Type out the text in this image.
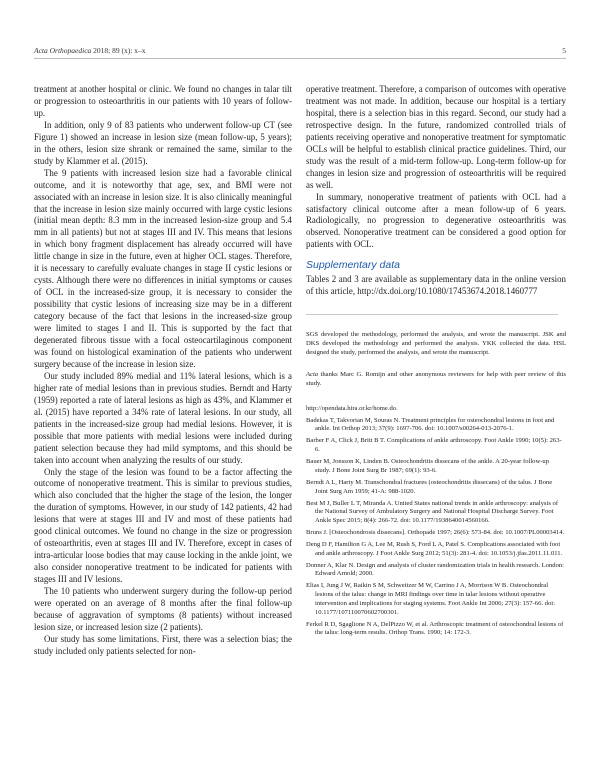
Acta Orthopaedica 2018; 89 (x): x–x	5

treatment at another hospital or clinic. We found no changes in talar tilt or progression to osteoarthritis in our patients with 10 years of follow-up.

In addition, only 9 of 83 patients who underwent follow-up CT (see Figure 1) showed an increase in lesion size (mean follow-up, 5 years); in the others, lesion size shrank or remained the same, similar to the study by Klammer et al. (2015).

The 9 patients with increased lesion size had a favorable clinical outcome, and it is noteworthy that age, sex, and BMI were not associated with an increase in lesion size. It is also clinically meaningful that the increase in lesion size mainly occurred with large cystic lesions (initial mean depth: 8.3 mm in the increased lesion-size group and 5.4 mm in all patients) but not at stages III and IV. This means that lesions in which bony fragment displacement has already occurred will have little change in size in the future, even at higher OCL stages. Therefore, it is necessary to carefully evaluate changes in stage II cystic lesions or cysts. Although there were no differences in initial symptoms or causes of OCL in the increased-size group, it is necessary to consider the possibility that cystic lesions of increasing size may be in a different category because of the fact that lesions in the increased-size group were limited to stages I and II. This is supported by the fact that degenerated fibrous tissue with a focal osteocartilaginous component was found on histological examination of the patients who underwent surgery because of the increase in lesion size.

Our study included 89% medial and 11% lateral lesions, which is a higher rate of medial lesions than in previous studies. Berndt and Harty (1959) reported a rate of lateral lesions as high as 43%, and Klammer et al. (2015) have reported a 34% rate of lateral lesions. In our study, all patients in the increased-size group had medial lesions. However, it is possible that more patients with medial lesions were included during patient selection because they had mild symptoms, and this should be taken into account when analyzing the results of our study.

Only the stage of the lesion was found to be a factor affecting the outcome of nonoperative treatment. This is similar to previous studies, which also concluded that the higher the stage of the lesion, the longer the duration of symptoms. However, in our study of 142 patients, 42 had lesions that were at stages III and IV and most of these patients had good clinical outcomes. We found no change in the size or progression of osteoarthritis, even at stages III and IV. Therefore, except in cases of intra-articular loose bodies that may cause locking in the ankle joint, we also consider nonoperative treatment to be indicated for patients with stages III and IV lesions.

The 10 patients who underwent surgery during the follow-up period were operated on an average of 8 months after the final follow-up because of aggravation of symptoms (8 patients) without increased lesion size, or increased lesion size (2 patients).

Our study has some limitations. First, there was a selection bias; the study included only patients selected for non-

operative treatment. Therefore, a comparison of outcomes with operative treatment was not made. In addition, because our hospital is a tertiary hospital, there is a selection bias in this regard. Second, our study had a retrospective design. In the future, randomized controlled trials of patients receiving operative and nonoperative treatment for symptomatic OCLs will be helpful to establish clinical practice guidelines. Third, our study was the result of a mid-term follow-up. Long-term follow-up for changes in lesion size and progression of osteoarthritis will be required as well.

In summary, nonoperative treatment of patients with OCL had a satisfactory clinical outcome after a mean follow-up of 6 years. Radiologically, no progression to degenerative osteoarthritis was observed. Nonoperative treatment can be considered a good option for patients with OCL.

Supplementary data

Tables 2 and 3 are available as supplementary data in the online version of this article, http://dx.doi.org/10.1080/17453674.2018.1460777

SGS developed the methodology, performed the analysis, and wrote the manuscript. JSK and DKS developed the methodology and performed the analysis. YKK collected the data. HSL designed the study, performed the analysis, and wrote the manuscript.

Acta thanks Marc G. Romijn and other anonymous reviewers for help with peer review of this study.

http://opendata.hira.or.kr/home.do.

Badekas T, Takvorian M, Souras N. Treatment principles for osteochondral lesions in foot and ankle. Int Orthop 2013; 37(9): 1697-706. doi: 10.1007/s00264-013-2076-1.

Barber F A, Click J, Britt B T. Complications of ankle arthroscopy. Foot Ankle 1990; 10(5): 263-6.

Bauer M, Jonsson K, Linden B. Osteochondritis dissecans of the ankle. A 20-year follow-up study. J Bone Joint Surg Br 1987; 69(1): 93-6.

Berndt A L, Harty M. Transchondral fractures (osteochondritis dissecans) of the talus. J Bone Joint Surg Am 1959; 41-A: 988-1020.

Best M J, Buller L T, Miranda A. United States national trends in ankle arthroscopy: analysis of the National Survey of Ambulatory Surgery and National Hospital Discharge Survey. Foot Ankle Spec 2015; 8(4): 266-72. doi: 10.1177/1938640014560166.

Bruns J. [Osteochondrosis dissecans]. Orthopade 1997; 26(6): 573-84. doi: 10.1007/PL00003414.

Deng D F, Hamilton G A, Lee M, Rush S, Ford L A, Patel S. Complications associated with foot and ankle arthroscopy. J Foot Ankle Surg 2012; 51(3): 281-4. doi: 10.1053/j.jfas.2011.11.011.

Donner A, Klar N. Design and analysis of cluster randomization trials in health research. London: Edward Arnold; 2000.

Elias I, Jung J W, Raikin S M, Schweitzer M W, Carrino J A, Morrison W B. Osteochondral lesions of the talus: change in MRI findings over time in talar lesions without operative intervention and implications for staging systems. Foot Ankle Int 2006; 27(3): 157-66. doi: 10.1177/107110070602700301.

Ferkel R D, Sgaglione N A, DelPizzo W, et al. Arthroscopic treatment of osteochondral lesions of the talus: long-term results. Orthop Trans. 1990; 14: 172-3.
